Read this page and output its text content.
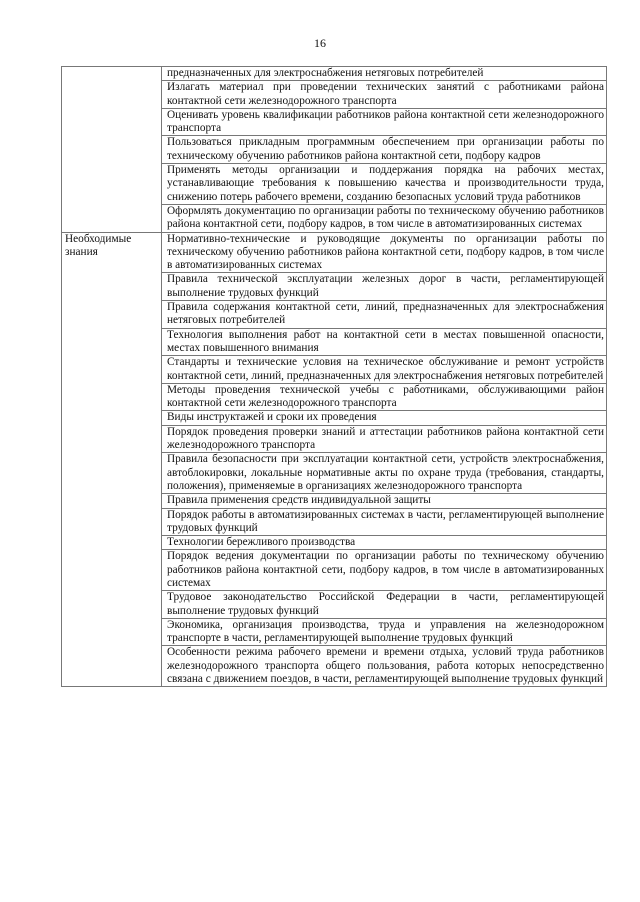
16
	предназначенных для электроснабжения нетяговых потребителей
	Излагать материал при проведении технических занятий с работниками района контактной сети железнодорожного транспорта
	Оценивать уровень квалификации работников района контактной сети железнодорожного транспорта
	Пользоваться прикладным программным обеспечением при организации работы по техническому обучению работников района контактной сети, подбору кадров
	Применять методы организации и поддержания порядка на рабочих местах, устанавливающие требования к повышению качества и производительности труда, снижению потерь рабочего времени, созданию безопасных условий труда работников
	Оформлять документацию по организации работы по техническому обучению работников района контактной сети, подбору кадров, в том числе в автоматизированных системах
Необходимые знания	Нормативно-технические и руководящие документы по организации работы по техническому обучению работников района контактной сети, подбору кадров, в том числе в автоматизированных системах
	Правила технической эксплуатации железных дорог в части, регламентирующей выполнение трудовых функций
	Правила содержания контактной сети, линий, предназначенных для электроснабжения нетяговых потребителей
	Технология выполнения работ на контактной сети в местах повышенной опасности, местах повышенного внимания
	Стандарты и технические условия на техническое обслуживание и ремонт устройств контактной сети, линий, предназначенных для электроснабжения нетяговых потребителей
	Методы проведения технической учебы с работниками, обслуживающими район контактной сети железнодорожного транспорта
	Виды инструктажей и сроки их проведения
	Порядок проведения проверки знаний и аттестации работников района контактной сети железнодорожного транспорта
	Правила безопасности при эксплуатации контактной сети, устройств электроснабжения, автоблокировки, локальные нормативные акты по охране труда (требования, стандарты, положения), применяемые в организациях железнодорожного транспорта
	Правила применения средств индивидуальной защиты
	Порядок работы в автоматизированных системах в части, регламентирующей выполнение трудовых функций
	Технологии бережливого производства
	Порядок ведения документации по организации работы по техническому обучению работников района контактной сети, подбору кадров, в том числе в автоматизированных системах
	Трудовое законодательство Российской Федерации в части, регламентирующей выполнение трудовых функций
	Экономика, организация производства, труда и управления на железнодорожном транспорте в части, регламентирующей выполнение трудовых функций
	Особенности режима рабочего времени и времени отдыха, условий труда работников железнодорожного транспорта общего пользования, работа которых непосредственно связана с движением поездов, в части, регламентирующей выполнение трудовых функций
